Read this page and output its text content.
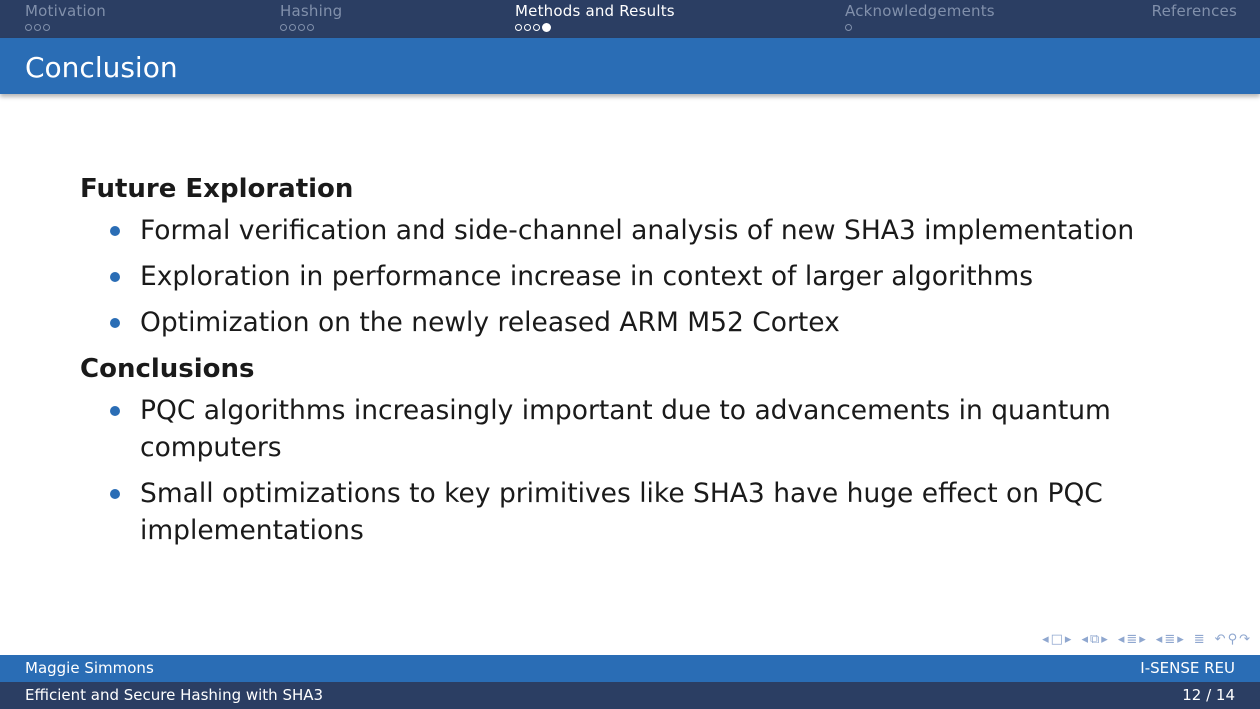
Motivation	Hashing	Methods and Results	Acknowledgements	References
Conclusion
Future Exploration
Formal verification and side-channel analysis of new SHA3 implementation
Exploration in performance increase in context of larger algorithms
Optimization on the newly released ARM M52 Cortex
Conclusions
PQC algorithms increasingly important due to advancements in quantum computers
Small optimizations to key primitives like SHA3 have huge effect on PQC implementations
◂ □ ▸ ◂ ⧉ ▸ ◂ ≣ ▸ ◂ ≣ ▸ ≣ ↶ ⚲ ↷
Maggie Simmons	I-SENSE REU
Efficient and Secure Hashing with SHA3	12 / 14
